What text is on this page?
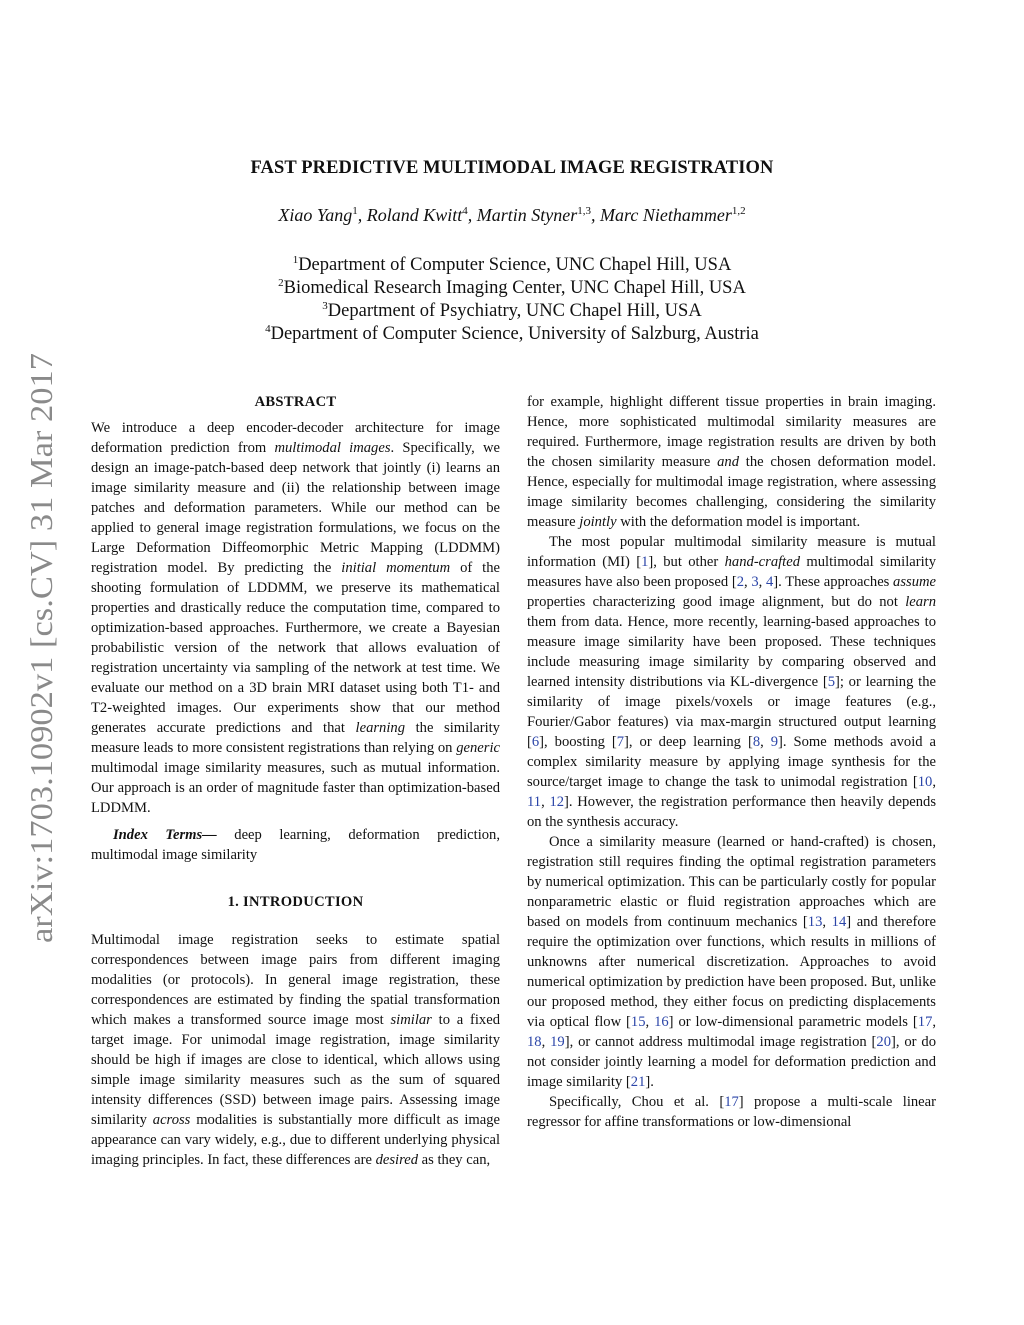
arXiv:1703.10902v1 [cs.CV] 31 Mar 2017
FAST PREDICTIVE MULTIMODAL IMAGE REGISTRATION
Xiao Yang$^1$, Roland Kwitt$^4$, Martin Styner$^{1,3}$, Marc Niethammer$^{1,2}$
$^1$Department of Computer Science, UNC Chapel Hill, USA
$^2$Biomedical Research Imaging Center, UNC Chapel Hill, USA
$^3$Department of Psychiatry, UNC Chapel Hill, USA
$^4$Department of Computer Science, University of Salzburg, Austria
ABSTRACT

We introduce a deep encoder-decoder architecture for image deformation prediction from multimodal images. Specifically, we design an image-patch-based deep network that jointly (i) learns an image similarity measure and (ii) the relationship between image patches and deformation parameters. While our method can be applied to general image registration formulations, we focus on the Large Deformation Diffeomorphic Metric Mapping (LDDMM) registration model. By predicting the initial momentum of the shooting formulation of LDDMM, we preserve its mathematical properties and drastically reduce the computation time, compared to optimization-based approaches. Furthermore, we create a Bayesian probabilistic version of the network that allows evaluation of registration uncertainty via sampling of the network at test time. We evaluate our method on a 3D brain MRI dataset using both T1- and T2-weighted images. Our experiments show that our method generates accurate predictions and that learning the similarity measure leads to more consistent registrations than relying on generic multimodal image similarity measures, such as mutual information. Our approach is an order of magnitude faster than optimization-based LDDMM.

Index Terms— deep learning, deformation prediction, multimodal image similarity

1. INTRODUCTION

Multimodal image registration seeks to estimate spatial correspondences between image pairs from different imaging modalities (or protocols). In general image registration, these correspondences are estimated by finding the spatial transformation which makes a transformed source image most similar to a fixed target image. For unimodal image registration, image similarity should be high if images are close to identical, which allows using simple image similarity measures such as the sum of squared intensity differences (SSD) between image pairs. Assessing image similarity across modalities is substantially more difficult as image appearance can vary widely, e.g., due to different underlying physical imaging principles. In fact, these differences are desired as they can,

for example, highlight different tissue properties in brain imaging. Hence, more sophisticated multimodal similarity measures are required. Furthermore, image registration results are driven by both the chosen similarity measure and the chosen deformation model. Hence, especially for multimodal image registration, where assessing image similarity becomes challenging, considering the similarity measure jointly with the deformation model is important.

The most popular multimodal similarity measure is mutual information (MI) [1], but other hand-crafted multimodal similarity measures have also been proposed [2, 3, 4]. These approaches assume properties characterizing good image alignment, but do not learn them from data. Hence, more recently, learning-based approaches to measure image similarity have been proposed. These techniques include measuring image similarity by comparing observed and learned intensity distributions via KL-divergence [5]; or learning the similarity of image pixels/voxels or image features (e.g., Fourier/Gabor features) via max-margin structured output learning [6], boosting [7], or deep learning [8, 9]. Some methods avoid a complex similarity measure by applying image synthesis for the source/target image to change the task to unimodal registration [10, 11, 12]. However, the registration performance then heavily depends on the synthesis accuracy.

Once a similarity measure (learned or hand-crafted) is chosen, registration still requires finding the optimal registration parameters by numerical optimization. This can be particularly costly for popular nonparametric elastic or fluid registration approaches which are based on models from continuum mechanics [13, 14] and therefore require the optimization over functions, which results in millions of unknowns after numerical discretization. Approaches to avoid numerical optimization by prediction have been proposed. But, unlike our proposed method, they either focus on predicting displacements via optical flow [15, 16] or low-dimensional parametric models [17, 18, 19], or cannot address multimodal image registration [20], or do not consider jointly learning a model for deformation prediction and image similarity [21].

Specifically, Chou et al. [17] propose a multi-scale linear regressor for affine transformations or low-dimensional
